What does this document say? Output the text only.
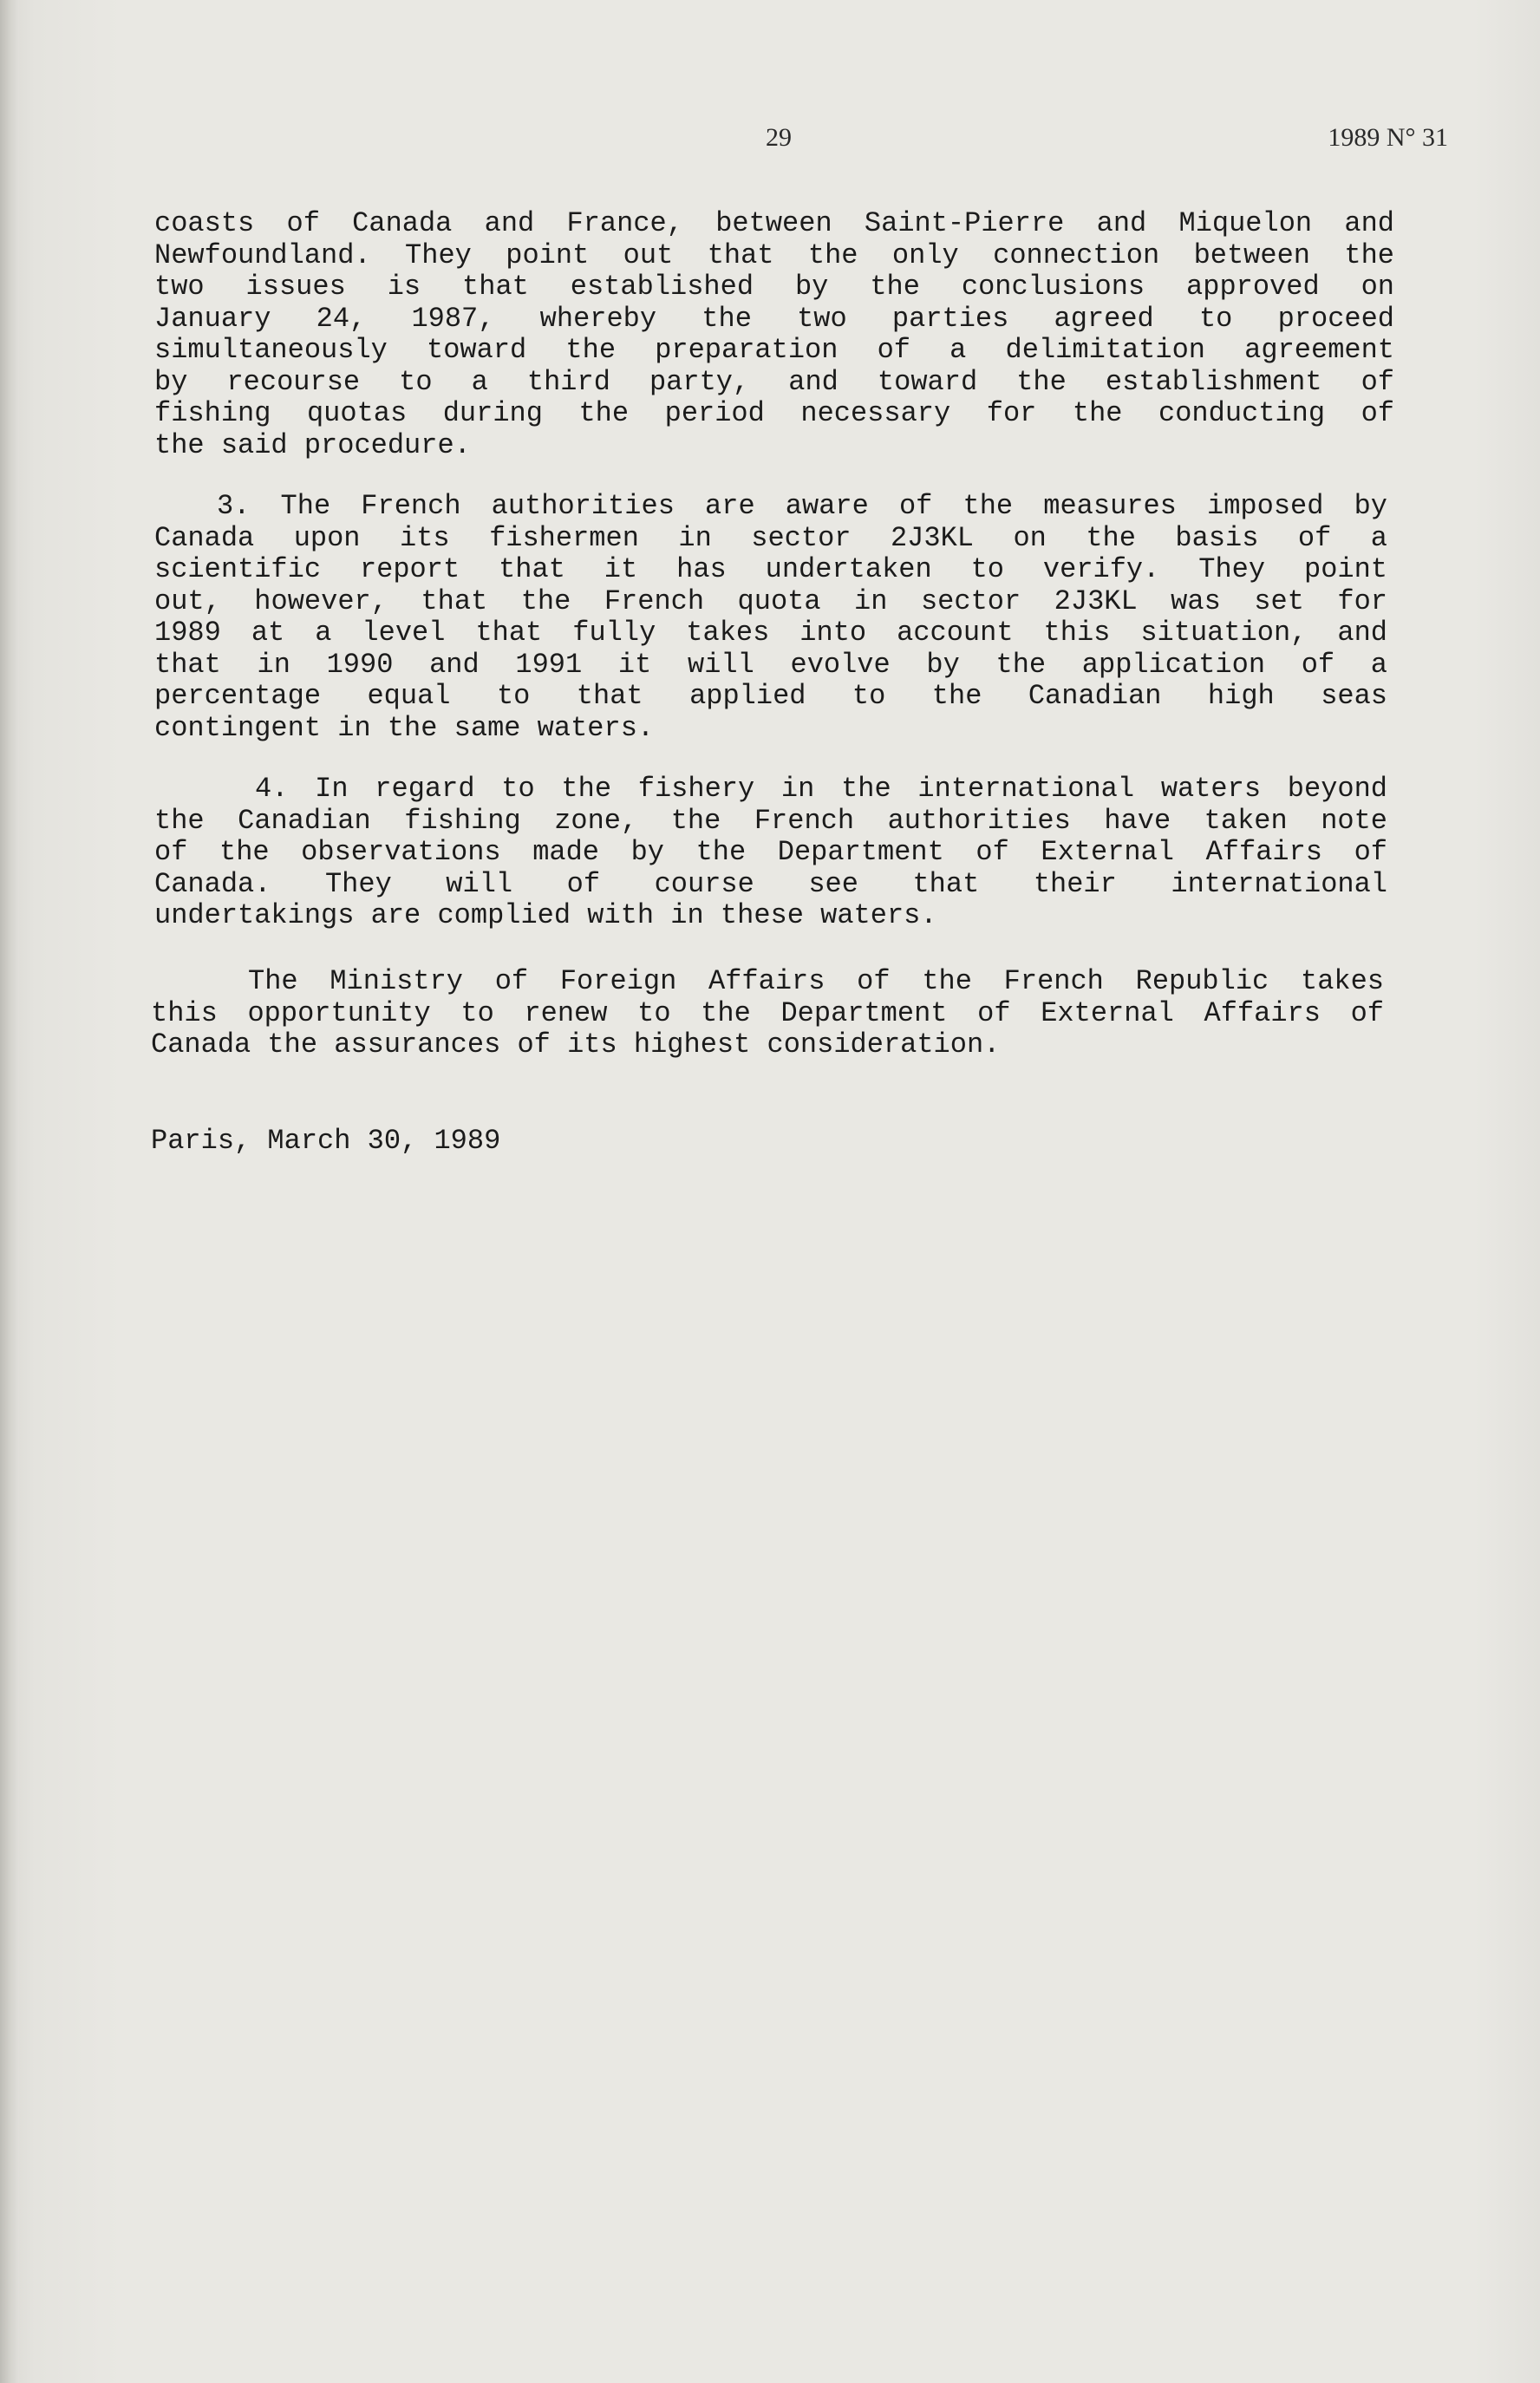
29	1989 N° 31
coasts of Canada and France, between Saint-Pierre and Miquelon and
Newfoundland. They point out that the only connection between the
two issues is that established by the conclusions approved on
January 24, 1987, whereby the two parties agreed to proceed
simultaneously toward the preparation of a delimitation agreement
by recourse to a third party, and toward the establishment of
fishing quotas during the period necessary for the conducting of
the said procedure.
3. The French authorities are aware of the measures imposed by
Canada upon its fishermen in sector 2J3KL on the basis of a
scientific report that it has undertaken to verify. They point
out, however, that the French quota in sector 2J3KL was set for
1989 at a level that fully takes into account this situation, and
that in 1990 and 1991 it will evolve by the application of a
percentage equal to that applied to the Canadian high seas
contingent in the same waters.
4. In regard to the fishery in the international waters beyond
the Canadian fishing zone, the French authorities have taken note
of the observations made by the Department of External Affairs of
Canada. They will of course see that their international
undertakings are complied with in these waters.
The Ministry of Foreign Affairs of the French Republic takes
this opportunity to renew to the Department of External Affairs of
Canada the assurances of its highest consideration.
Paris, March 30, 1989
